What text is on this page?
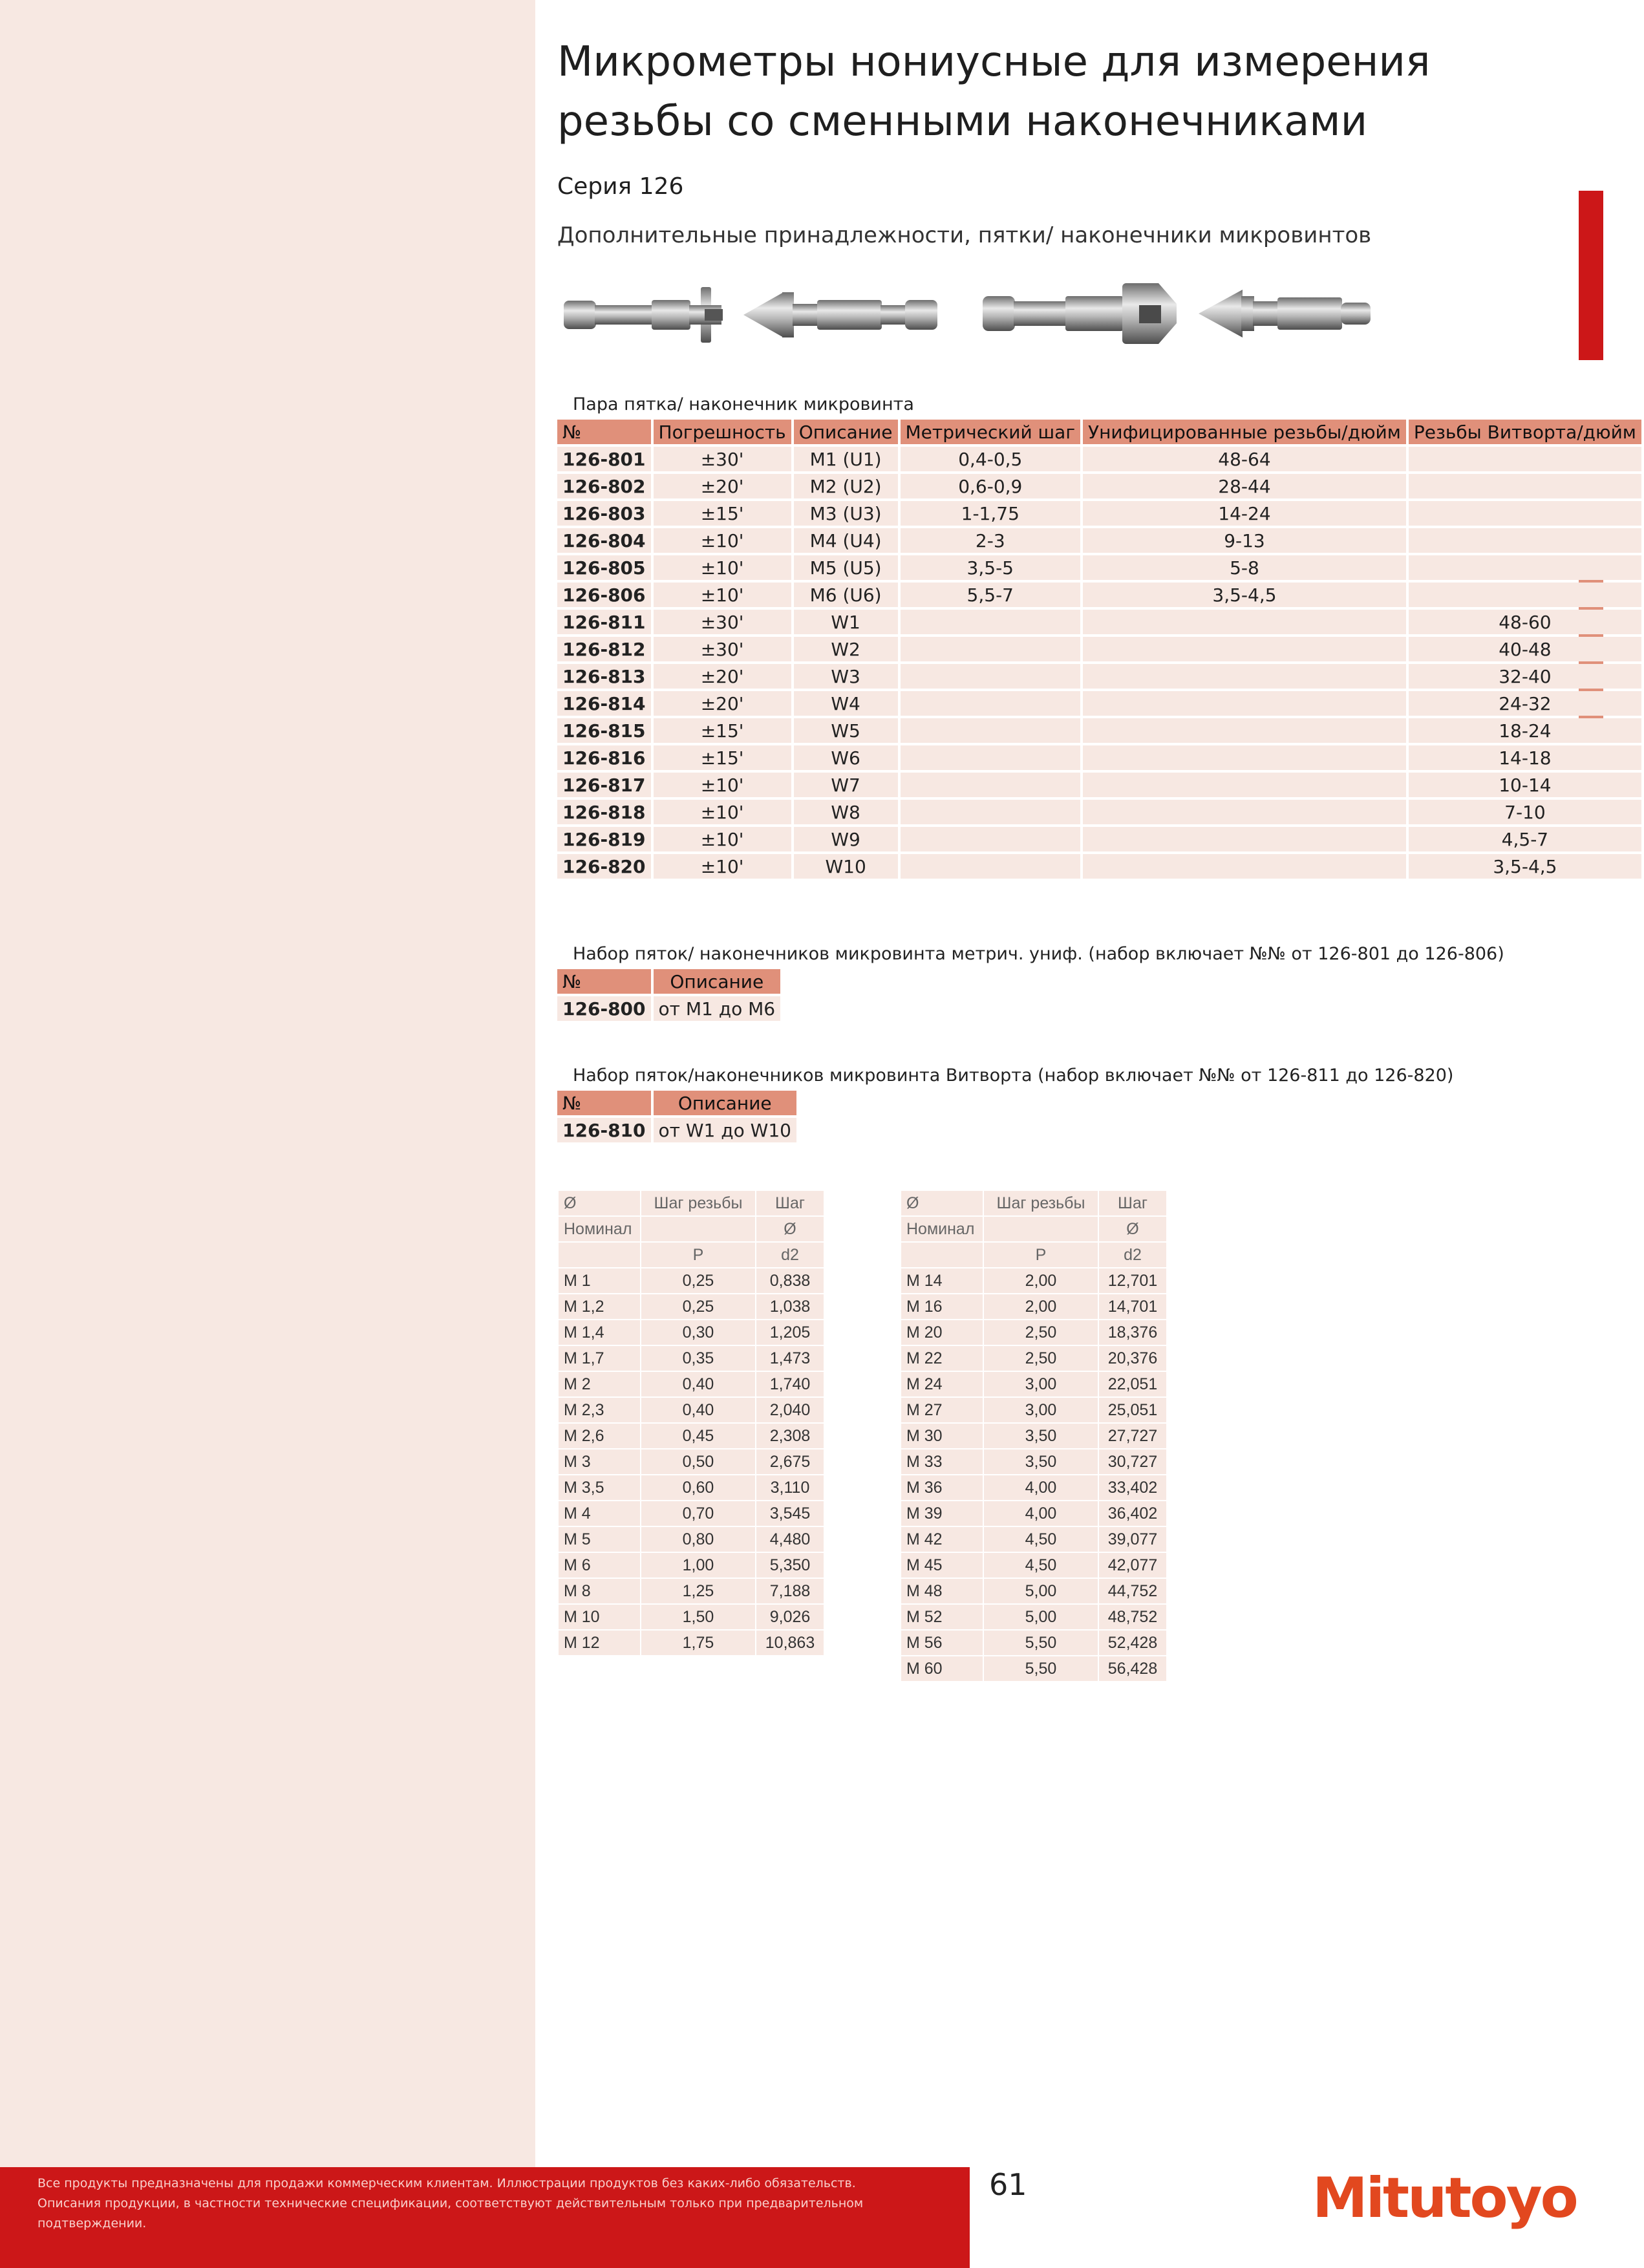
Микрометры нониусные для измерения резьбы со сменными наконечниками
Серия 126
Дополнительные принадлежности, пятки/ наконечники микровинтов
Пара пятка/ наконечник микровинта
№	Погрешность	Описание	Метрический шаг	Унифицированные резьбы/дюйм	Резьбы Витворта/дюйм
126-801	±30'	M1 (U1)	0,4-0,5	48-64	
126-802	±20'	M2 (U2)	0,6-0,9	28-44	
126-803	±15'	M3 (U3)	1-1,75	14-24	
126-804	±10'	M4 (U4)	2-3	9-13	
126-805	±10'	M5 (U5)	3,5-5	5-8	
126-806	±10'	M6 (U6)	5,5-7	3,5-4,5	
126-811	±30'	W1			48-60
126-812	±30'	W2			40-48
126-813	±20'	W3			32-40
126-814	±20'	W4			24-32
126-815	±15'	W5			18-24
126-816	±15'	W6			14-18
126-817	±10'	W7			10-14
126-818	±10'	W8			7-10
126-819	±10'	W9			4,5-7
126-820	±10'	W10			3,5-4,5
Набор пяток/ наконечников микровинта метрич. униф. (набор включает №№ от 126-801 до 126-806)
№	Описание
126-800	от M1 до M6
Набор пяток/наконечников микровинта Витворта (набор включает №№ от 126-811 до 126-820)
№	Описание
126-810	от W1 до W10
Ø	Шаг резьбы	Шаг
Номинал		Ø
	P	d2
M 1	0,25	0,838
M 1,2	0,25	1,038
M 1,4	0,30	1,205
M 1,7	0,35	1,473
M 2	0,40	1,740
M 2,3	0,40	2,040
M 2,6	0,45	2,308
M 3	0,50	2,675
M 3,5	0,60	3,110
M 4	0,70	3,545
M 5	0,80	4,480
M 6	1,00	5,350
M 8	1,25	7,188
M 10	1,50	9,026
M 12	1,75	10,863
Ø	Шаг резьбы	Шаг
Номинал		Ø
	P	d2
M 14	2,00	12,701
M 16	2,00	14,701
M 20	2,50	18,376
M 22	2,50	20,376
M 24	3,00	22,051
M 27	3,00	25,051
M 30	3,50	27,727
M 33	3,50	30,727
M 36	4,00	33,402
M 39	4,00	36,402
M 42	4,50	39,077
M 45	4,50	42,077
M 48	5,00	44,752
M 52	5,00	48,752
M 56	5,50	52,428
M 60	5,50	56,428
Все продукты предназначены для продажи коммерческим клиентам. Иллюстрации продуктов без каких-либо обязательств. Описания продукции, в частности технические спецификации, соответствуют действительным только при предварительном подтверждении.
61	Mitutoyo
